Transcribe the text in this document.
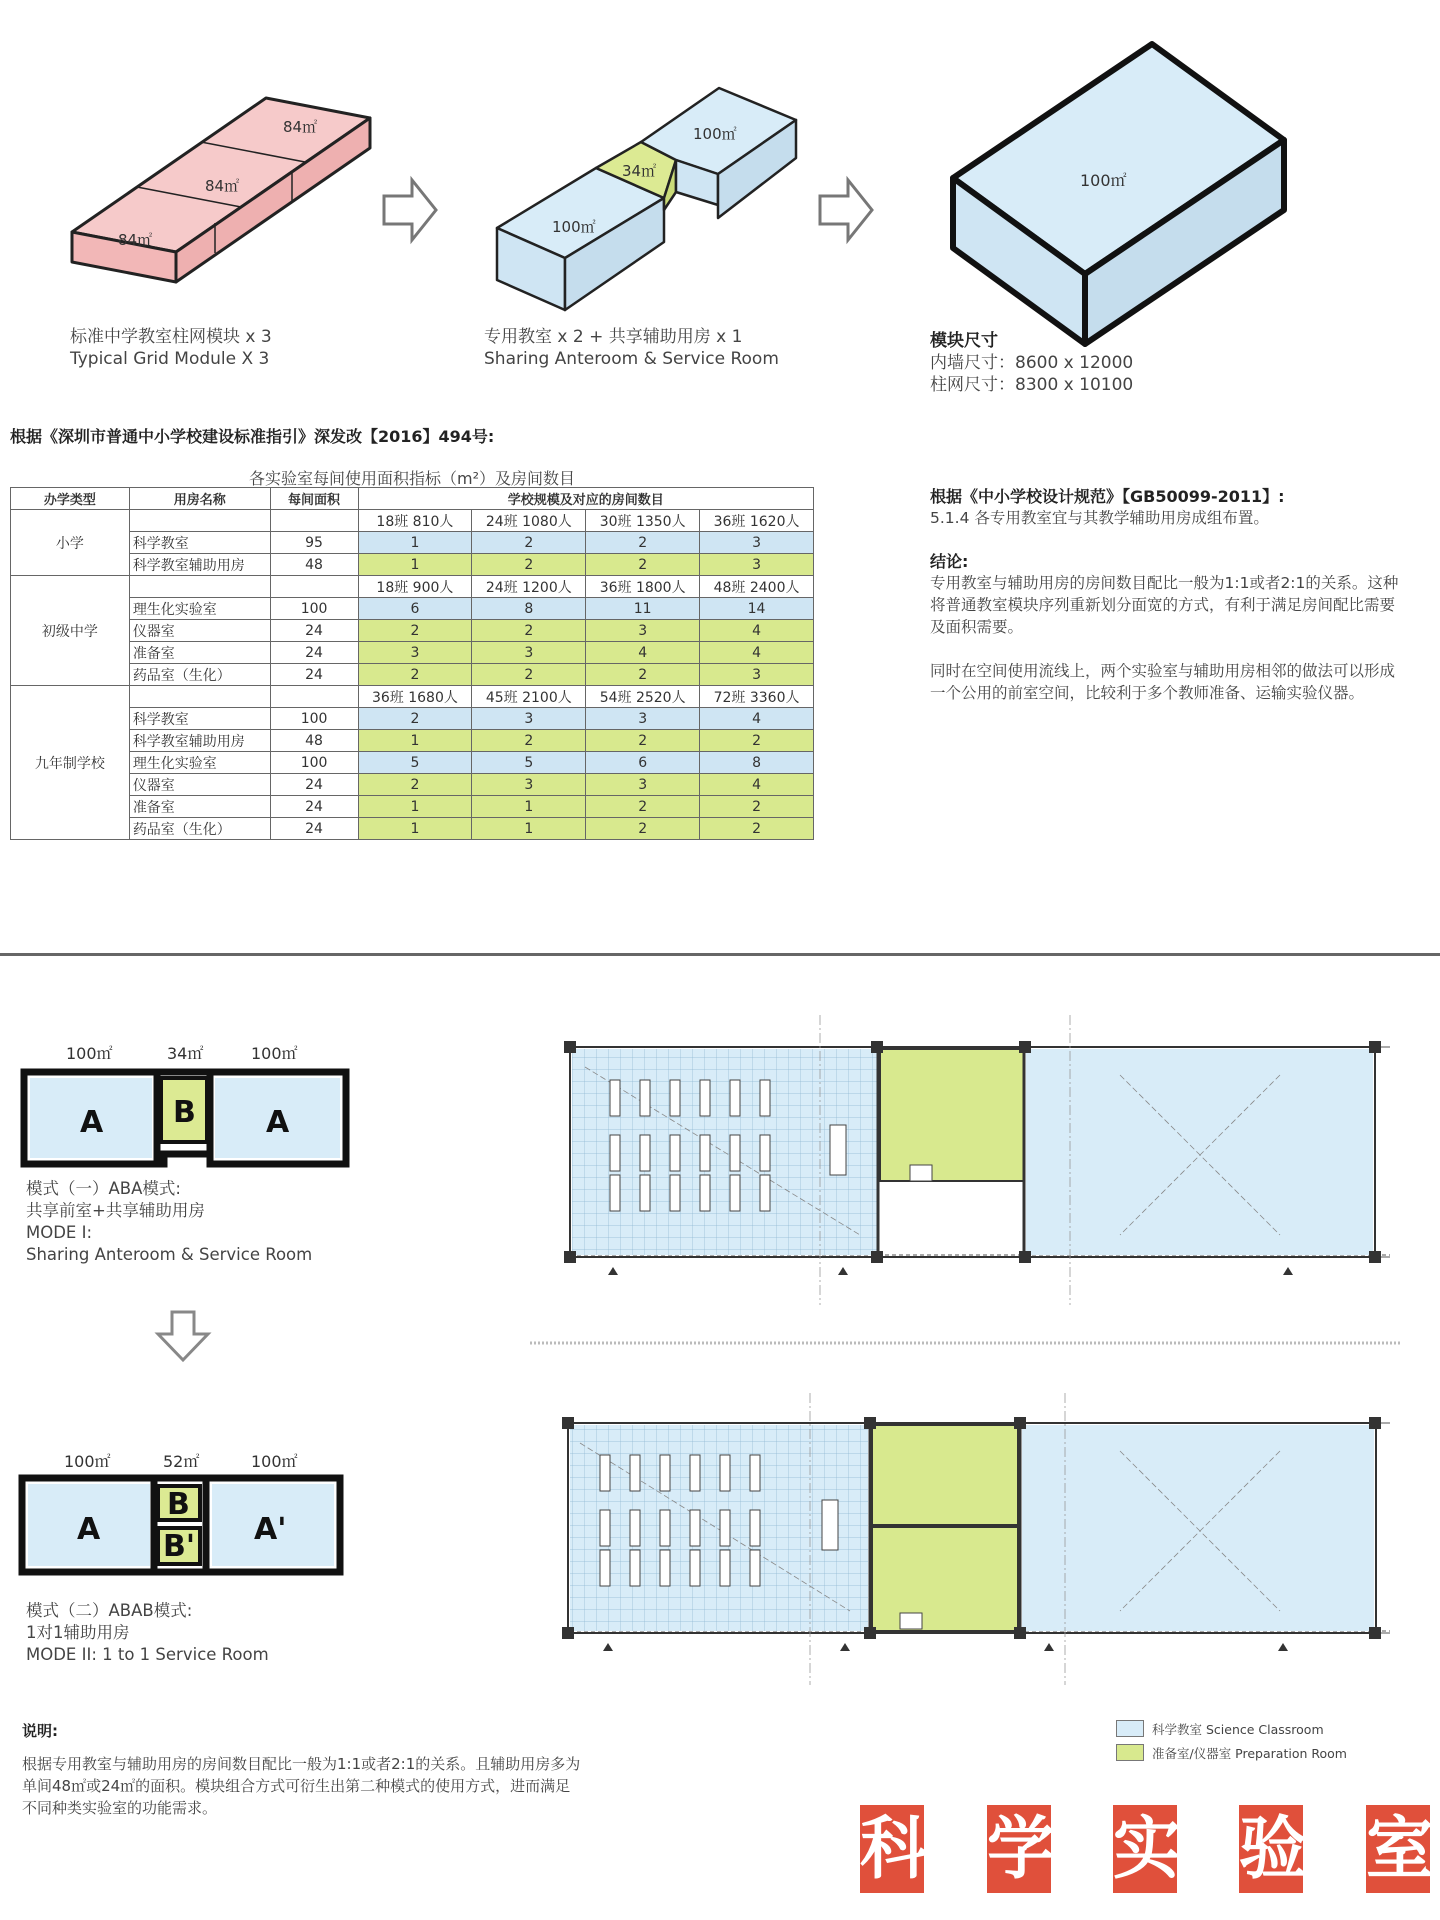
84㎡
84㎡
84㎡
100㎡
34㎡
100㎡
100㎡
标准中学教室柱网模块 x 3
Typical Grid Module X 3
专用教室 x 2 + 共享辅助用房 x 1
Sharing Anteroom & Service Room
模块尺寸
内墙尺寸：8600 x 12000
柱网尺寸：8300 x 10100
根据《深圳市普通中小学校建设标准指引》深发改【2016】494号:
各实验室每间使用面积指标（m²）及房间数目
办学类型	用房名称	每间面积	学校规模及对应的房间数目			
小学			18班 810人	24班 1080人	30班 1350人	36班 1620人
	科学教室	95	1	2	2	3
	科学教室辅助用房	48	1	2	2	3
初级中学			18班 900人	24班 1200人	36班 1800人	48班 2400人
	理生化实验室	100	6	8	11	14
	仪器室	24	2	2	3	4
	准备室	24	3	3	4	4
	药品室（生化）	24	2	2	2	3
九年制学校			36班 1680人	45班 2100人	54班 2520人	72班 3360人
	科学教室	100	2	3	3	4
	科学教室辅助用房	48	1	2	2	2
	理生化实验室	100	5	5	6	8
	仪器室	24	2	3	3	4
	准备室	24	1	1	2	2
	药品室（生化）	24	1	1	2	2
根据《中小学校设计规范》【GB50099-2011】:
5.1.4 各专用教室宜与其教学辅助用房成组布置。
结论:
专用教室与辅助用房的房间数目配比一般为1:1或者2:1的关系。这种将普通教室模块序列重新划分面宽的方式，有利于满足房间配比需要及面积需要。
同时在空间使用流线上，两个实验室与辅助用房相邻的做法可以形成一个公用的前室空间，比较利于多个教师准备、运输实验仪器。
100㎡	34㎡	100㎡
A B A
100㎡	52㎡	100㎡
A
B
B' A'
模式（一）ABA模式:
共享前室+共享辅助用房
MODE I:
Sharing Anteroom & Service Room
模式（二）ABAB模式:
1对1辅助用房
MODE II: 1 to 1 Service Room
科学教室 Science Classroom
准备室/仪器室 Preparation Room
说明:
根据专用教室与辅助用房的房间数目配比一般为1:1或者2:1的关系。且辅助用房多为单间48㎡或24㎡的面积。模块组合方式可衍生出第二种模式的使用方式，进而满足不同种类实验室的功能需求。
科 学 实 验 室
